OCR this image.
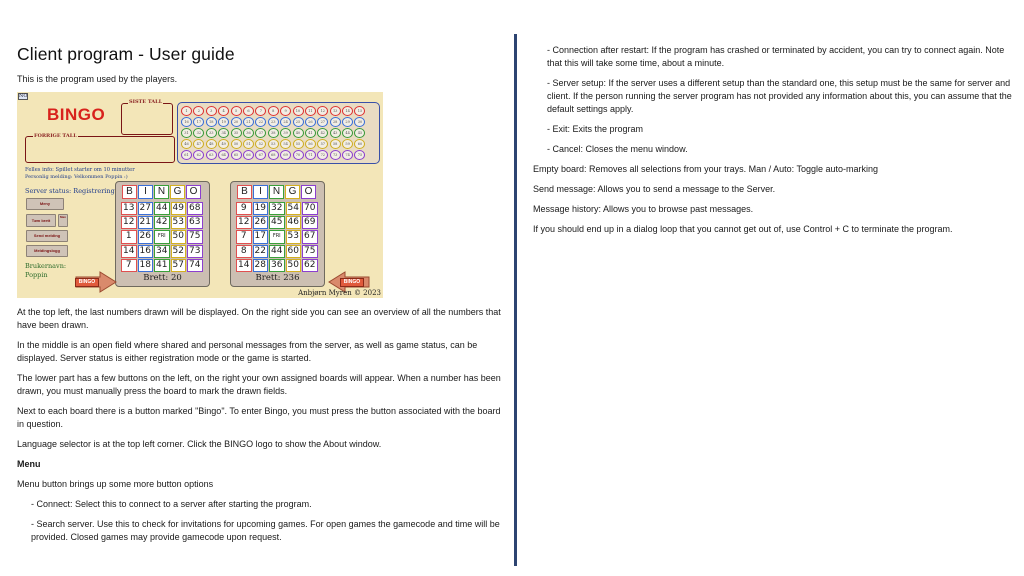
Client program - User guide

This is the program used by the players.

NO
BINGO
SISTE TALL
FORRIGE TALL
1	2	3	4	5	6	7	8	9	10	11	12	13	14	15
16	17	18	19	20	21	22	23	24	25	26	27	28	29	30
31	32	33	34	35	36	37	38	39	40	41	42	43	44	45
46	47	48	49	50	51	52	53	54	55	56	57	58	59	60
61	62	63	64	65	66	67	68	69	70	71	72	73	74	75
Felles info: Spillet starter om 10 minutter
Personlig melding: Velkommen Poppin :)
Server status: Registrering
Meny
Tøm brett
Man
Send melding
Meldingslogg
Brukernavn:
Poppin
B	I	N G O
13 27 44 49 68
12 21 42 53 63
1 26	FRI 50 75
14 16 34 52 73
7 18 41 57 74
Brett: 20
B	I	N G O
9 19 32 54 70
12 26 45 46 69
7 17	FRI 53 67
8 22 44 60 75
14 28 36 50 62
Brett: 236
BINGO	BINGO
Anbjørn Myren © 2023

At the top left, the last numbers drawn will be displayed. On the right side you can see an overview of all the numbers that have been drawn.

In the middle is an open field where shared and personal messages from the server, as well as game status, can be displayed. Server status is either registration mode or the game is started.

The lower part has a few buttons on the left, on the right your own assigned boards will appear. When a number has been drawn, you must manually press the board to mark the drawn fields.

Next to each board there is a button marked "Bingo". To enter Bingo, you must press the button associated with the board in question.

Language selector is at the top left corner. Click the BINGO logo to show the About window.

Menu

Menu button brings up some more button options

- Connect: Select this to connect to a server after starting the program.

- Search server. Use this to check for invitations for upcoming games. For open games the gamecode and time will be provided. Closed games may provide gamecode upon request.

- Connection after restart: If the program has crashed or terminated by accident, you can try to connect again. Note that this will take some time, about a minute.

- Server setup: If the server uses a different setup than the standard one, this setup must be the same for server and client. If the person running the server program has not provided any information about this, you can assume that the default settings apply.

- Exit: Exits the program

- Cancel: Closes the menu window.

Empty board: Removes all selections from your trays. Man / Auto: Toggle auto-marking

Send message: Allows you to send a message to the Server.

Message history: Allows you to browse past messages.

If you should end up in a dialog loop that you cannot get out of, use Control + C to terminate the program.
